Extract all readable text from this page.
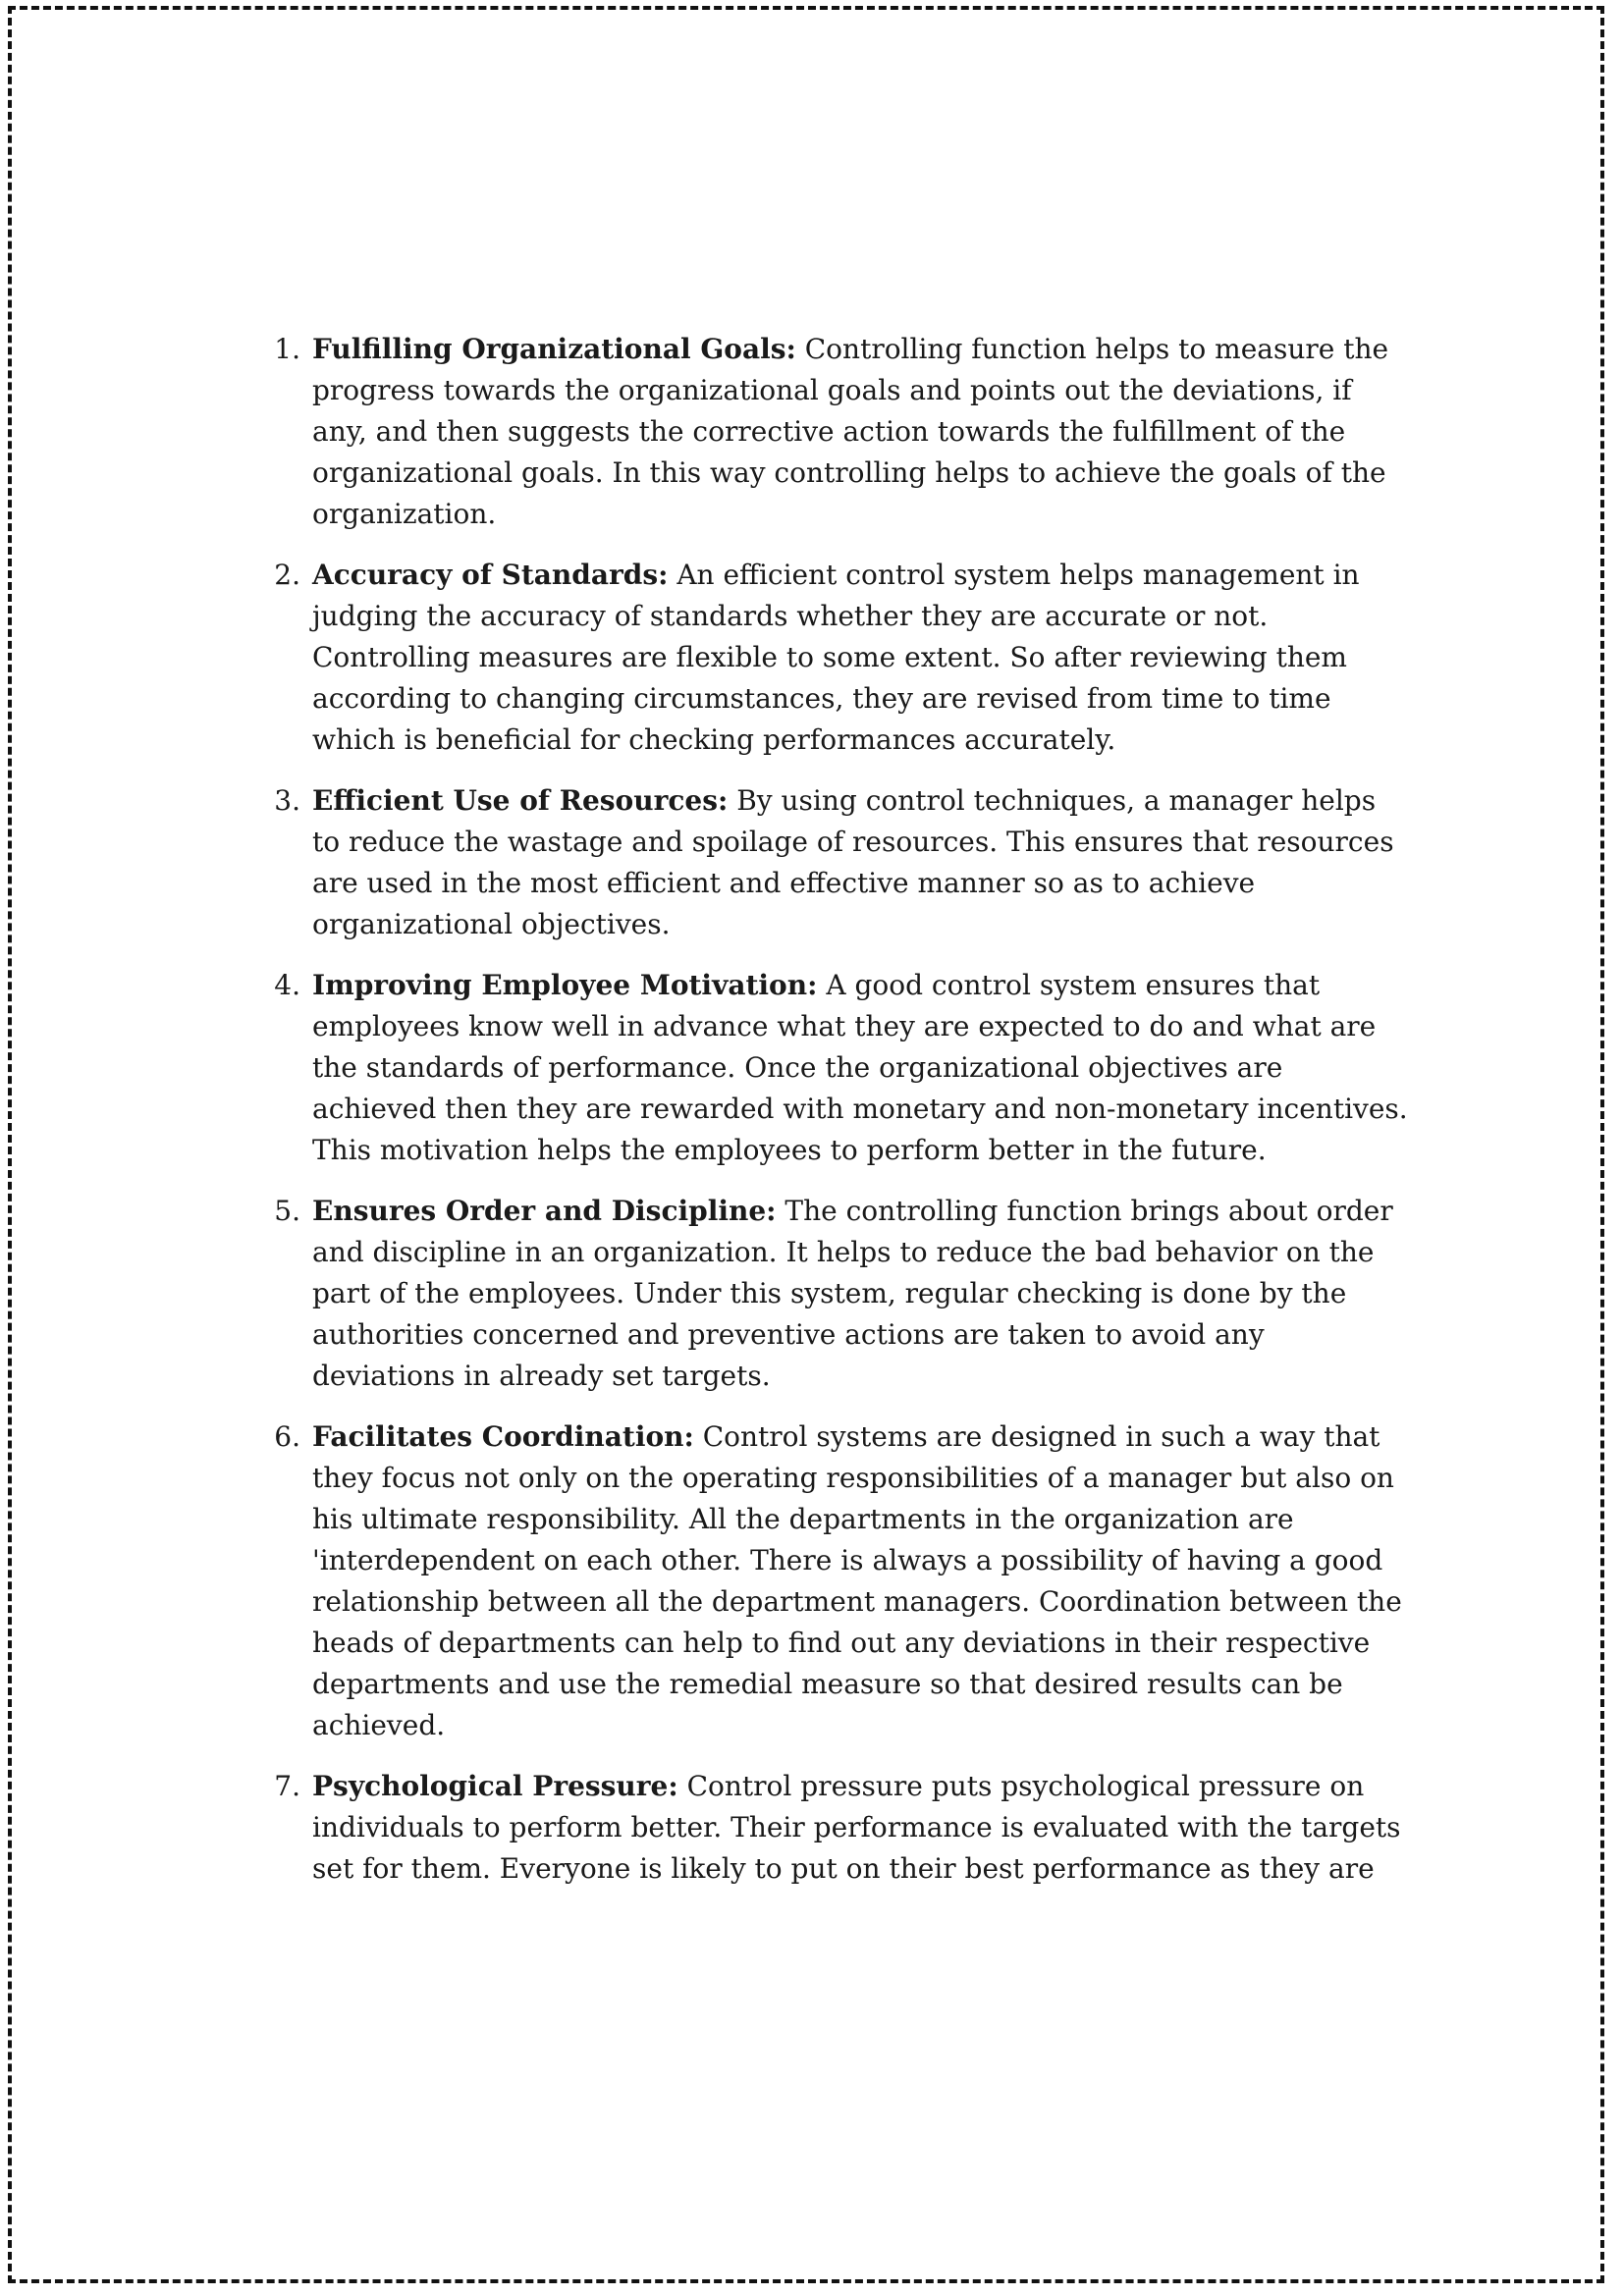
1. Fulfilling Organizational Goals: Controlling function helps to measure the progress towards the organizational goals and points out the deviations, if any, and then suggests the corrective action towards the fulfillment of the organizational goals. In this way controlling helps to achieve the goals of the organization.
2. Accuracy of Standards: An efficient control system helps management in judging the accuracy of standards whether they are accurate or not. Controlling measures are flexible to some extent. So after reviewing them according to changing circumstances, they are revised from time to time which is beneficial for checking performances accurately.
3. Efficient Use of Resources: By using control techniques, a manager helps to reduce the wastage and spoilage of resources. This ensures that resources are used in the most efficient and effective manner so as to achieve organizational objectives.
4. Improving Employee Motivation: A good control system ensures that employees know well in advance what they are expected to do and what are the standards of performance. Once the organizational objectives are achieved then they are rewarded with monetary and non-monetary incentives. This motivation helps the employees to perform better in the future.
5. Ensures Order and Discipline: The controlling function brings about order and discipline in an organization. It helps to reduce the bad behavior on the part of the employees. Under this system, regular checking is done by the authorities concerned and preventive actions are taken to avoid any deviations in already set targets.
6. Facilitates Coordination: Control systems are designed in such a way that they focus not only on the operating responsibilities of a manager but also on his ultimate responsibility. All the departments in the organization are 'interdependent on each other. There is always a possibility of having a good relationship between all the department managers. Coordination between the heads of departments can help to find out any deviations in their respective departments and use the remedial measure so that desired results can be achieved.
7. Psychological Pressure: Control pressure puts psychological pressure on individuals to perform better. Their performance is evaluated with the targets set for them. Everyone is likely to put on their best performance as they are
